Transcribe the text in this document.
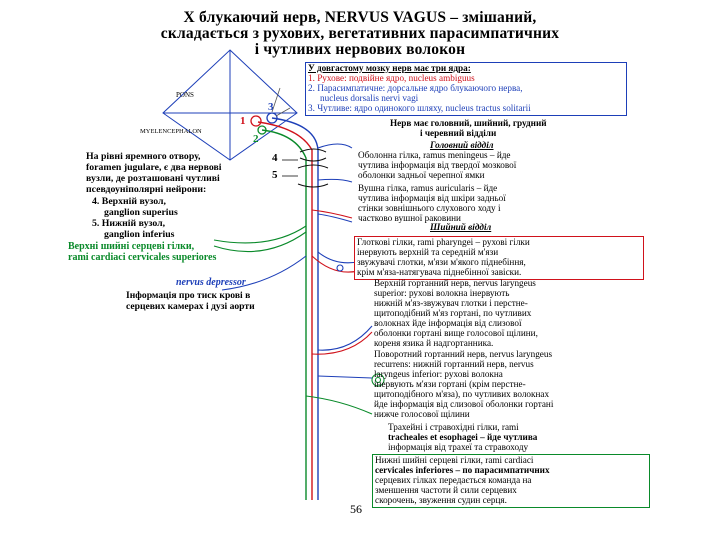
X блукаючий нерв, NERVUS VAGUS – змішаний,
складається з рухових, вегетативних парасимпатичних
і чутливих нервових волокон
PONS
MYELENCEPHALON
1
2
3
4
5
У довгастому мозку нерв має три ядра:
1. Рухове: подвійне ядро, nucleus ambiguus
2. Парасимпатичне: дорсальне ядро блукаючого нерва,
nucleus dorsalis nervi vagi
3. Чутливе: ядро одинокого шляху, nucleus tractus solitarii
Нерв має головний, шийний, грудний
і черевний відділи
Головний відділ
Оболонна гілка, ramus meningeus – йде
чутлива інформація від твердої мозкової
оболонки задньої черепної ямки
Вушна гілка, ramus auricularis – йде
чутлива інформація від шкіри задньої
стінки зовнішнього слухового ходу і
частково вушної раковини
Шийний відділ
На рівні яремного отвору,
foramen jugulare, є два нервові
вузли, де розташовані чутливі
псевдоуніполярні нейрони:
4. Верхній вузол,
ganglion superius
5. Нижній вузол,
ganglion inferius
Глоткові гілки, rami pharyngei – рухові гілки
інервують верхній та середній м'язи
звужувачі глотки, м'язи м'якого піднебіння,
крім м'яза-натягувача піднебінної завіски.
Верхні шийні серцеві гілки,
rami cardiaci cervicales superiores
nervus depressor
Інформація про тиск крові в
серцевих камерах і дузі аорти
Верхній гортанний нерв, nervus laryngeus
superior: рухові волокна інервують
нижній м'яз-звужувач глотки і перстне-
щитоподібний м'яз гортані, по чутливих
волокнах йде інформація від слизової
оболонки гортані вище голосової щілини,
кореня язика й надгортанника.
Поворотний гортанний нерв, nervus laryngeus
recurrens: нижній гортанний нерв, nervus
laryngeus inferior: рухові волокна
інервують м'язи гортані (крім перстне-
щитоподібного м'яза), по чутливих волокнах
йде інформація від слизової оболонки гортані
нижче голосової щілини
Трахейні і стравохідні гілки, rami
tracheales et esophagei – йде чутлива
інформація від трахеї та стравоходу
Нижні шийні серцеві гілки, rami cardiaci
cervicales inferiores – по парасимпатичних
серцевих гілках передається команда на
зменшення частоти й сили серцевих
скорочень, звуження судин серця.
56
